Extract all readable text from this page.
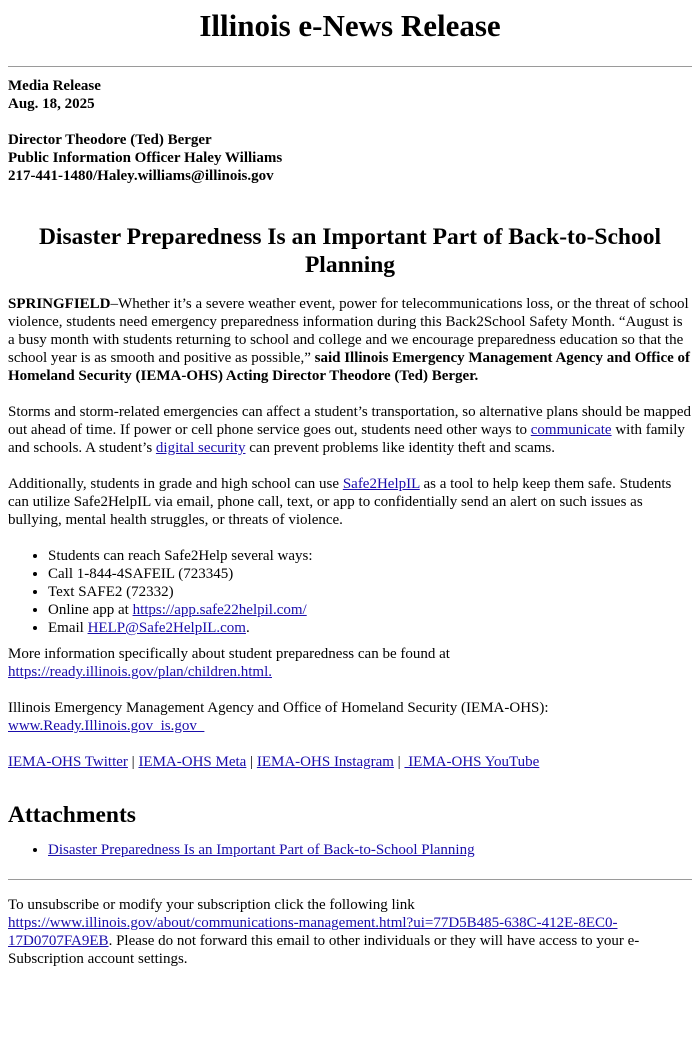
Illinois e-News Release

Media Release

Aug. 18, 2025

Director Theodore (Ted) Berger

Public Information Officer Haley Williams

217-441-1480/Haley.williams@illinois.gov

Disaster Preparedness Is an Important Part of Back-to-School Planning

SPRINGFIELD–Whether it’s a severe weather event, power for telecommunications loss, or the threat of school violence, students need emergency preparedness information during this Back2School Safety Month. “August is a busy month with students returning to school and college and we encourage preparedness education so that the school year is as smooth and positive as possible,” said Illinois Emergency Management Agency and Office of Homeland Security (IEMA-OHS) Acting Director Theodore (Ted) Berger.

Storms and storm-related emergencies can affect a student’s transportation, so alternative plans should be mapped out ahead of time. If power or cell phone service goes out, students need other ways to communicate with family and schools. A student’s digital security can prevent problems like identity theft and scams.

Additionally, students in grade and high school can use Safe2HelpIL as a tool to help keep them safe. Students can utilize Safe2HelpIL via email, phone call, text, or app to confidentially send an alert on such issues as bullying, mental health struggles, or threats of violence.

• Students can reach Safe2Help several ways:
• Call 1-844-4SAFEIL (723345)
• Text SAFE2 (72332)
• Online app at https://app.safe22helpil.com/
• Email HELP@Safe2HelpIL.com.

More information specifically about student preparedness can be found at https://ready.illinois.gov/plan/children.html.

Illinois Emergency Management Agency and Office of Homeland Security (IEMA-OHS): www.Ready.Illinois.gov  is.gov

IEMA-OHS Twitter | IEMA-OHS Meta | IEMA-OHS Instagram |  IEMA-OHS YouTube

Attachments
• Disaster Preparedness Is an Important Part of Back-to-School Planning

To unsubscribe or modify your subscription click the following link https://www.illinois.gov/about/communications-management.html?ui=77D5B485-638C-412E-8EC0-17D0707FA9EB. Please do not forward this email to other individuals or they will have access to your e-Subscription account settings.
